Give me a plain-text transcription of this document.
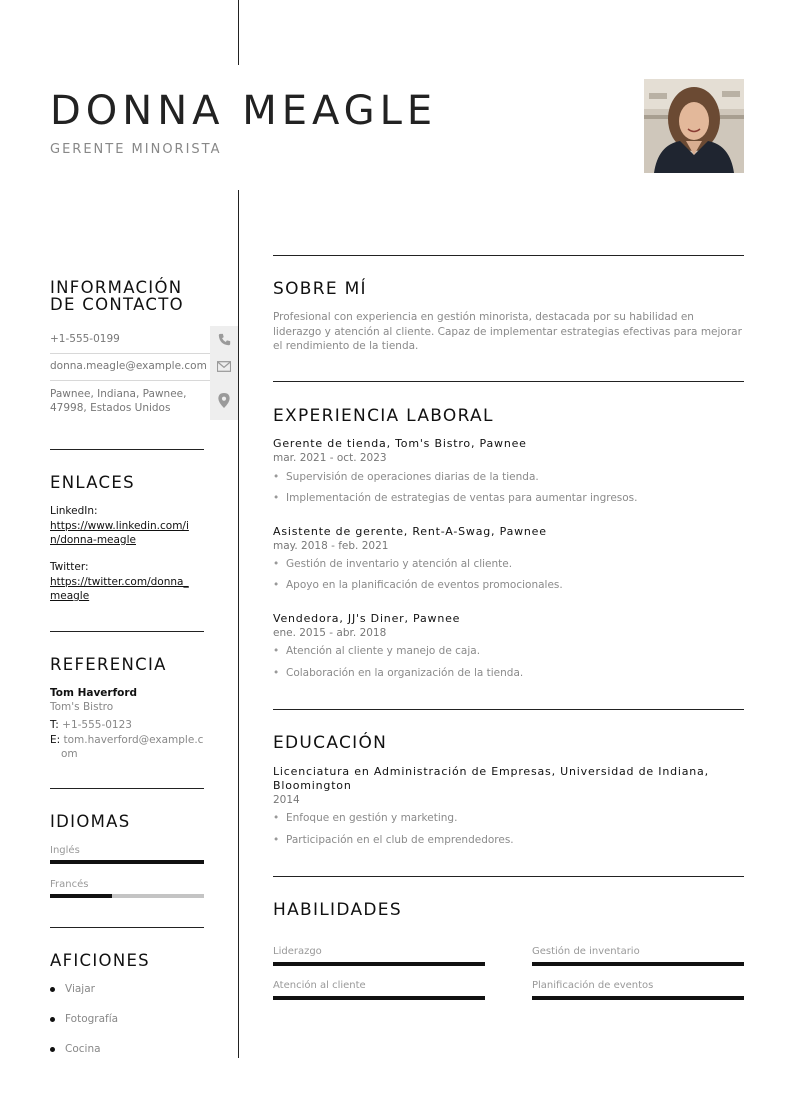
DONNA MEAGLE
GERENTE MINORISTA
INFORMACIÓN
DE CONTACTO
+1-555-0199
donna.meagle@example.com
Pawnee, Indiana, Pawnee,
47998, Estados Unidos
ENLACES
LinkedIn:
https://www.linkedin.com/i
n/donna-meagle
Twitter:
https://twitter.com/donna_
meagle
REFERENCIA
Tom Haverford
Tom's Bistro
T: +1-555-0123
E: tom.haverford@example.c
om
IDIOMAS
Inglés
Francés
AFICIONES
Viajar
Fotografía
Cocina
SOBRE MÍ
Profesional con experiencia en gestión minorista, destacada por su habilidad en
liderazgo y atención al cliente. Capaz de implementar estrategias efectivas para mejorar
el rendimiento de la tienda.
EXPERIENCIA LABORAL
Gerente de tienda, Tom's Bistro, Pawnee
mar. 2021 - oct. 2023
• Supervisión de operaciones diarias de la tienda.
• Implementación de estrategias de ventas para aumentar ingresos.
Asistente de gerente, Rent-A-Swag, Pawnee
may. 2018 - feb. 2021
• Gestión de inventario y atención al cliente.
• Apoyo en la planificación de eventos promocionales.
Vendedora, JJ's Diner, Pawnee
ene. 2015 - abr. 2018
• Atención al cliente y manejo de caja.
• Colaboración en la organización de la tienda.
EDUCACIÓN
Licenciatura en Administración de Empresas, Universidad de Indiana,
Bloomington
2014
• Enfoque en gestión y marketing.
• Participación en el club de emprendedores.
HABILIDADES
Liderazgo	Gestión de inventario
Atención al cliente	Planificación de eventos
